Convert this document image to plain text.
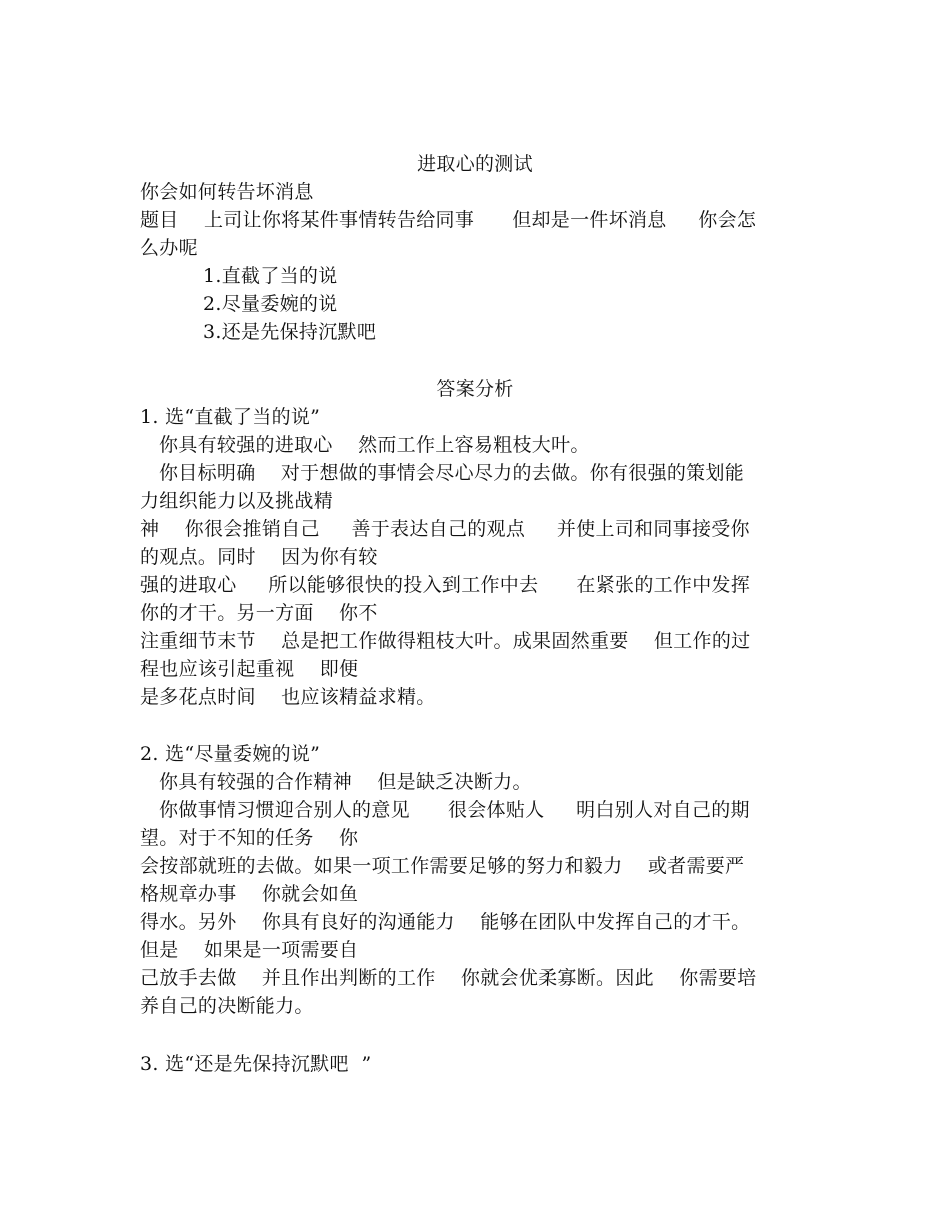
进取心的测试
你会如何转告坏消息
题目    上司让你将某件事情转告给同事      但却是一件坏消息     你会怎
么办呢
1.直截了当的说
2.尽量委婉的说
3.还是先保持沉默吧
答案分析
1. 选“直截了当的说”
你具有较强的进取心    然而工作上容易粗枝大叶。
你目标明确    对于想做的事情会尽心尽力的去做。你有很强的策划能
力组织能力以及挑战精
神    你很会推销自己     善于表达自己的观点     并使上司和同事接受你
的观点。同时    因为你有较
强的进取心     所以能够很快的投入到工作中去      在紧张的工作中发挥
你的才干。另一方面    你不
注重细节末节    总是把工作做得粗枝大叶。成果固然重要    但工作的过
程也应该引起重视    即便
是多花点时间    也应该精益求精。
2. 选“尽量委婉的说”
你具有较强的合作精神    但是缺乏决断力。
你做事情习惯迎合别人的意见      很会体贴人     明白别人对自己的期
望。对于不知的任务    你
会按部就班的去做。如果一项工作需要足够的努力和毅力    或者需要严
格规章办事    你就会如鱼
得水。另外    你具有良好的沟通能力    能够在团队中发挥自己的才干。
但是    如果是一项需要自
己放手去做    并且作出判断的工作    你就会优柔寡断。因此    你需要培
养自己的决断能力。
3. 选“还是先保持沉默吧  ”
